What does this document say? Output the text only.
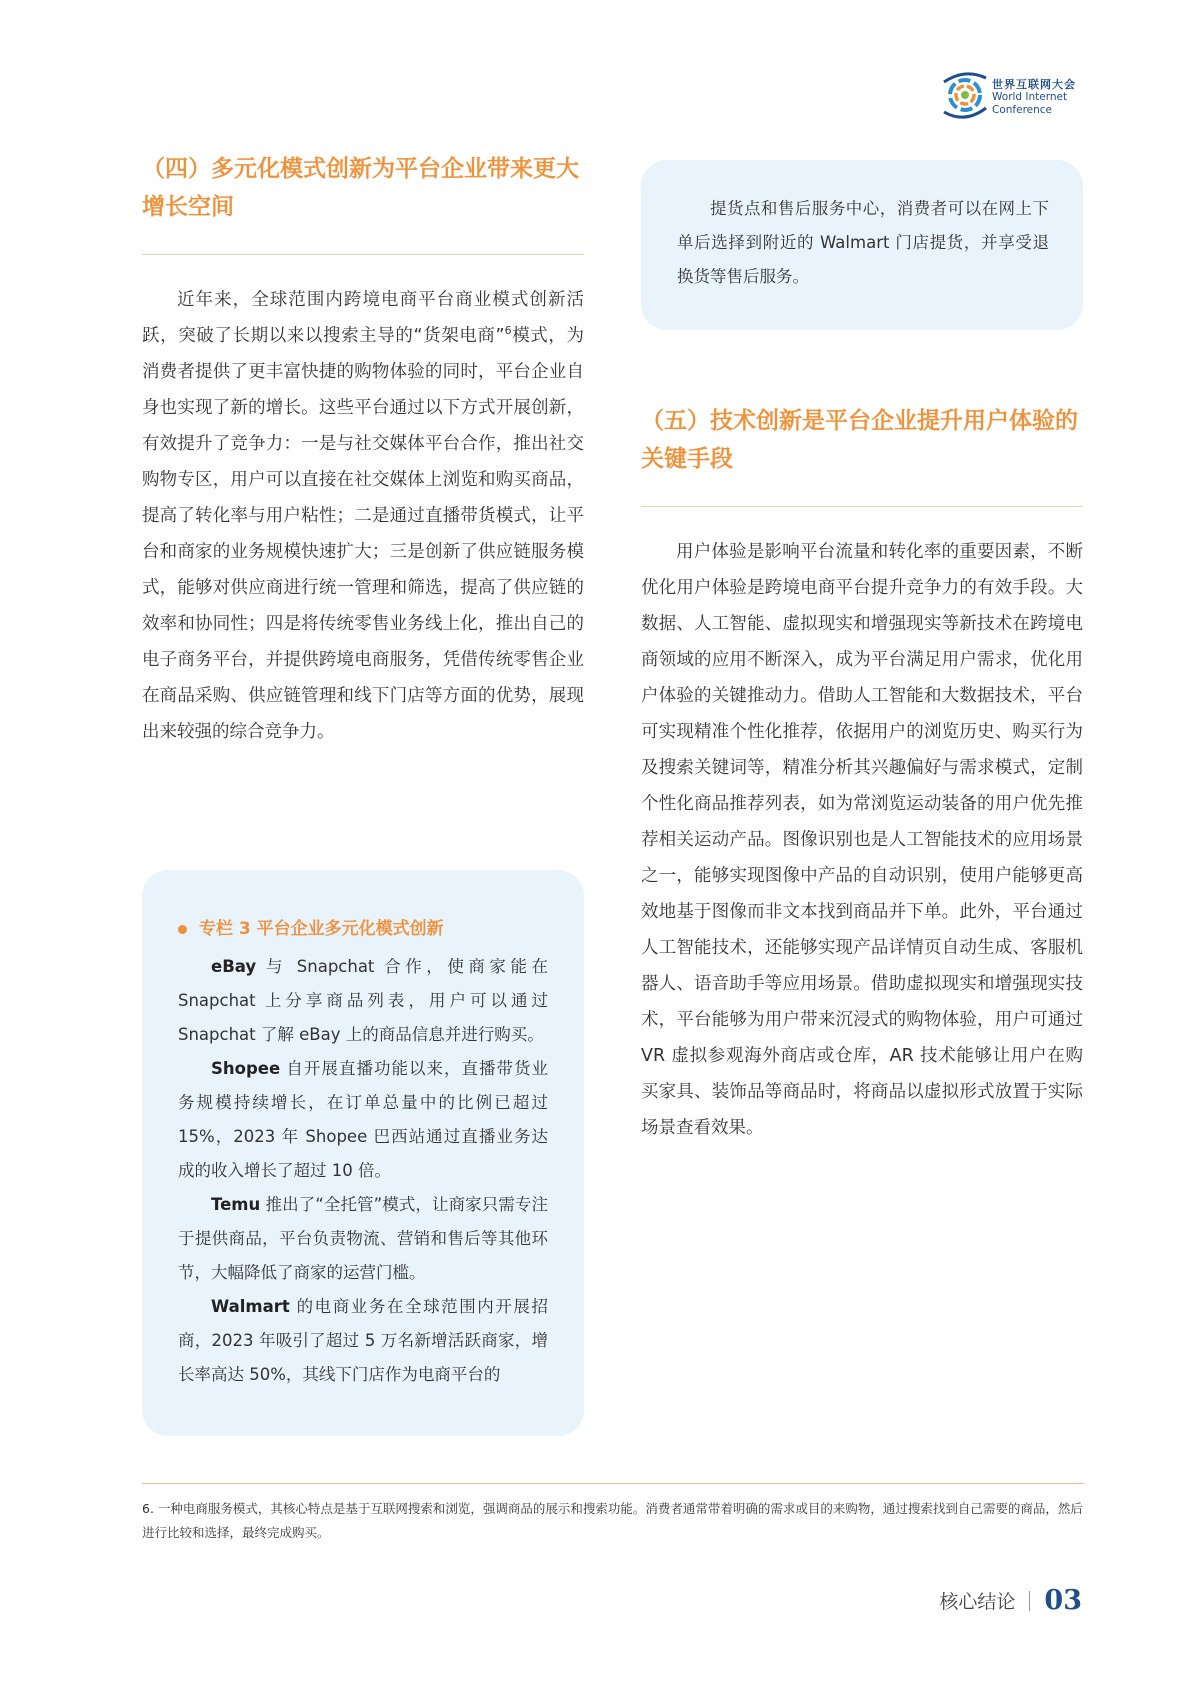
世界互联网大会
World Internet
Conference
（四）多元化模式创新为平台企业带来更大增长空间

近年来，全球范围内跨境电商平台商业模式创新活跃，突破了长期以来以搜索主导的“货架电商”$^6$模式，为消费者提供了更丰富快捷的购物体验的同时，平台企业自身也实现了新的增长。这些平台通过以下方式开展创新，有效提升了竞争力：一是与社交媒体平台合作，推出社交购物专区，用户可以直接在社交媒体上浏览和购买商品，提高了转化率与用户粘性；二是通过直播带货模式，让平台和商家的业务规模快速扩大；三是创新了供应链服务模式，能够对供应商进行统一管理和筛选，提高了供应链的效率和协同性；四是将传统零售业务线上化，推出自己的电子商务平台，并提供跨境电商服务，凭借传统零售企业在商品采购、供应链管理和线下门店等方面的优势，展现出来较强的综合竞争力。

专栏 3 平台企业多元化模式创新

eBay 与 Snapchat 合作，使商家能在 Snapchat 上分享商品列表，用户可以通过 Snapchat 了解 eBay 上的商品信息并进行购买。

Shopee 自开展直播功能以来，直播带货业务规模持续增长，在订单总量中的比例已超过 15%，2023 年 Shopee 巴西站通过直播业务达成的收入增长了超过 10 倍。

Temu 推出了“全托管”模式，让商家只需专注于提供商品，平台负责物流、营销和售后等其他环节，大幅降低了商家的运营门槛。

Walmart 的电商业务在全球范围内开展招商，2023 年吸引了超过 5 万名新增活跃商家，增长率高达 50%，其线下门店作为电商平台的

提货点和售后服务中心，消费者可以在网上下单后选择到附近的 Walmart 门店提货，并享受退换货等售后服务。

（五）技术创新是平台企业提升用户体验的关键手段

用户体验是影响平台流量和转化率的重要因素，不断优化用户体验是跨境电商平台提升竞争力的有效手段。大数据、人工智能、虚拟现实和增强现实等新技术在跨境电商领域的应用不断深入，成为平台满足用户需求，优化用户体验的关键推动力。借助人工智能和大数据技术，平台可实现精准个性化推荐，依据用户的浏览历史、购买行为及搜索关键词等，精准分析其兴趣偏好与需求模式，定制个性化商品推荐列表，如为常浏览运动装备的用户优先推荐相关运动产品。图像识别也是人工智能技术的应用场景之一，能够实现图像中产品的自动识别，使用户能够更高效地基于图像而非文本找到商品并下单。此外，平台通过人工智能技术，还能够实现产品详情页自动生成、客服机器人、语音助手等应用场景。借助虚拟现实和增强现实技术，平台能够为用户带来沉浸式的购物体验，用户可通过 VR 虚拟参观海外商店或仓库，AR 技术能够让用户在购买家具、装饰品等商品时，将商品以虚拟形式放置于实际场景查看效果。

6. 一种电商服务模式，其核心特点是基于互联网搜索和浏览，强调商品的展示和搜索功能。消费者通常带着明确的需求或目的来购物，通过搜索找到自己需要的商品，然后进行比较和选择，最终完成购买。

核心结论 03
